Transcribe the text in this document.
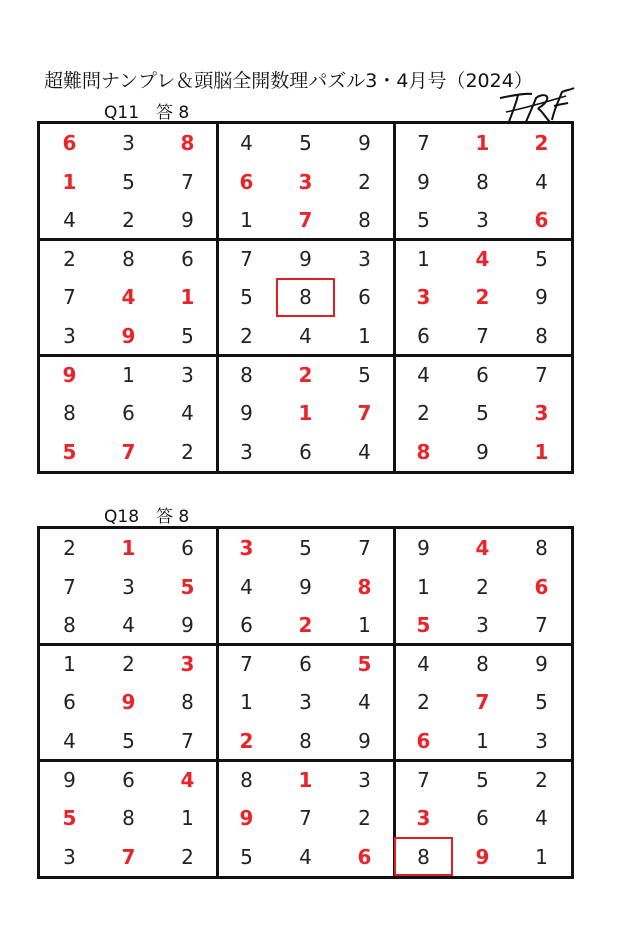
超難問ナンプレ＆頭脳全開数理パズル3・4月号（2024）
Q11　答 8
6	3	8	4	5	9	7	1	2
1	5	7	6	3	2	9	8	4
4	2	9	1	7	8	5	3	6
2	8	6	7	9	3	1	4	5
7	4	1	5	8	6	3	2	9
3	9	5	2	4	1	6	7	8
9	1	3	8	2	5	4	6	7
8	6	4	9	1	7	2	5	3
5	7	2	3	6	4	8	9	1
Q18　答 8
2	1	6	3	5	7	9	4	8
7	3	5	4	9	8	1	2	6
8	4	9	6	2	1	5	3	7
1	2	3	7	6	5	4	8	9
6	9	8	1	3	4	2	7	5
4	5	7	2	8	9	6	1	3
9	6	4	8	1	3	7	5	2
5	8	1	9	7	2	3	6	4
3	7	2	5	4	6	8	9	1
